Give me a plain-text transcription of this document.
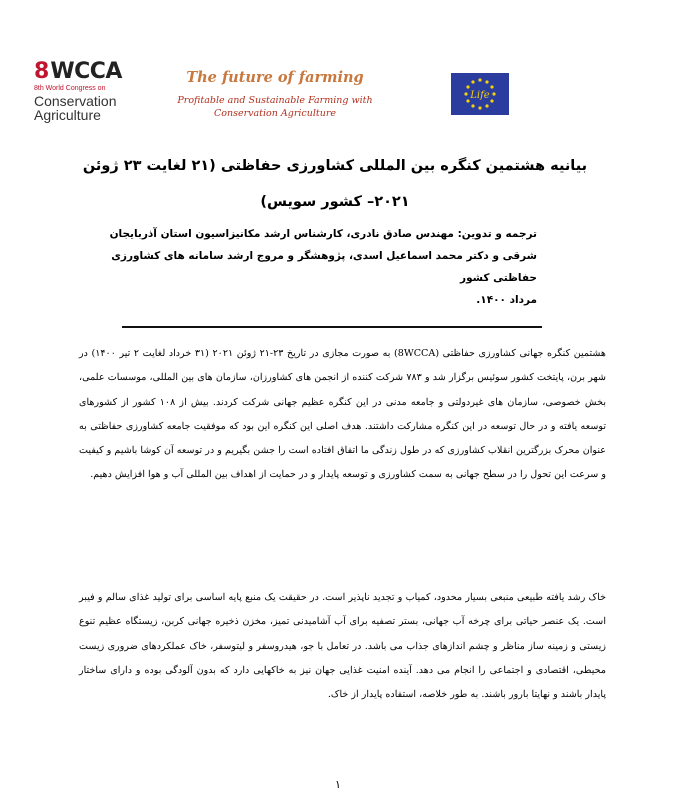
8 WCCA
8th World Congress on
Conservation
Agriculture
The future of farming
Profitable and Sustainable Farming with Conservation Agriculture
Life
بیانیه هشتمین کنگره بین المللی کشاورزی حفاظتی (۲۱ لغایت ۲۳ ژوئن ۲۰۲۱– کشور سویس)
ترجمه و تدوین: مهندس صادق نادری، کارشناس ارشد مکانیزاسیون استان آذربایجان شرقی و دکتر محمد اسماعیل اسدی، پژوهشگر و مروج ارشد سامانه های کشاورزی حفاظتی کشور
مرداد ۱۴۰۰.
هشتمین کنگره جهانی کشاورزی حفاظتی (8WCCA) به صورت مجازی در تاریخ ۲۳-۲۱ ژوئن ۲۰۲۱ (۳۱ خرداد لغایت ۲ تیر ۱۴۰۰) در شهر برن، پایتخت کشور سوئیس برگزار شد و ۷۸۳ شرکت کننده از انجمن های کشاورزان، سازمان های بین المللی، موسسات علمی، بخش خصوصی، سازمان های غیردولتی و جامعه مدنی در این کنگره عظیم جهانی شرکت کردند. بیش از ۱۰۸ کشور از کشورهای توسعه یافته و در حال توسعه در این کنگره مشارکت داشتند. هدف اصلی این کنگره این بود که موفقیت جامعه کشاورزی حفاظتی به عنوان محرک بزرگترین انقلاب کشاورزی که در طول زندگی ما اتفاق افتاده است را جشن بگیریم و در توسعه آن کوشا باشیم و کیفیت و سرعت این تحول را در سطح جهانی به سمت کشاورزی و توسعه پایدار و در حمایت از اهداف بین المللی آب و هوا افزایش دهیم.
خاک رشد یافته طبیعی منبعی بسیار محدود، کمیاب و تجدید ناپذیر است. در حقیقت یک منبع پایه اساسی برای تولید غذای سالم و فیبر است. یک عنصر حیاتی برای چرخه آب جهانی، بستر تصفیه برای آب آشامیدنی تمیز، مخزن ذخیره جهانی کربن، زیستگاه عظیم تنوع زیستی و زمینه ساز مناظر و چشم اندازهای جذاب می باشد. در تعامل با جو، هیدروسفر و لیتوسفر، خاک عملکردهای ضروری زیست محیطی، اقتصادی و اجتماعی را انجام می دهد. آینده امنیت غذایی جهان نیز به خاکهایی دارد که بدون آلودگی بوده و دارای ساختار پایدار باشند و نهایتا بارور باشند. به طور خلاصه، استفاده پایدار از خاک.
۱
